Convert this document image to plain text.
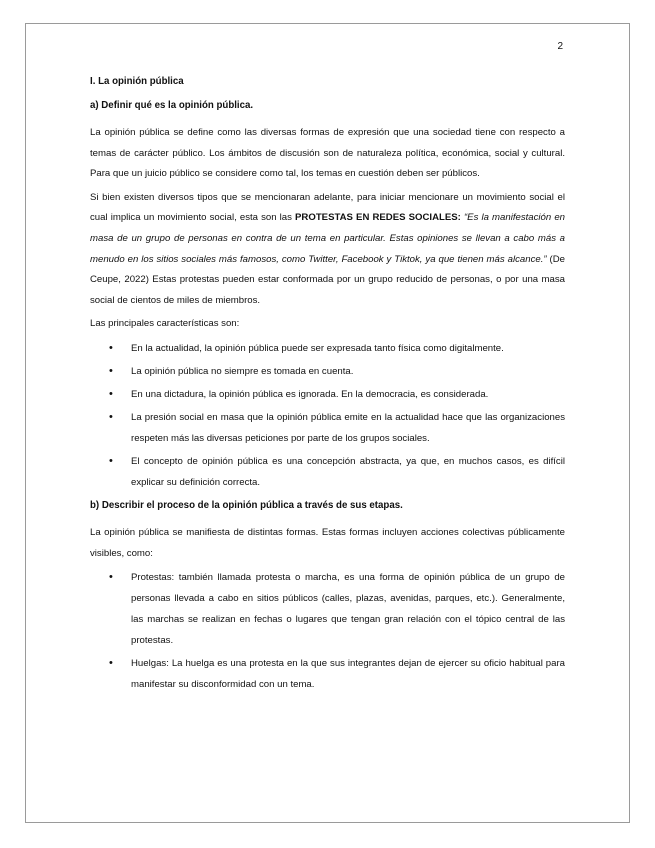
2
I. La opinión pública
a) Definir qué es la opinión pública.
La opinión pública se define como las diversas formas de expresión que una sociedad tiene con respecto a temas de carácter público. Los ámbitos de discusión son de naturaleza política, económica, social y cultural. Para que un juicio público se considere como tal, los temas en cuestión deben ser públicos.
Si bien existen diversos tipos que se mencionaran adelante, para iniciar mencionare un movimiento social el cual implica un movimiento social, esta son las PROTESTAS EN REDES SOCIALES: “Es la manifestación en masa de un grupo de personas en contra de un tema en particular. Estas opiniones se llevan a cabo más a menudo en los sitios sociales más famosos, como Twitter, Facebook y Tiktok, ya que tienen más alcance.” (De Ceupe, 2022) Estas protestas pueden estar conformada por un grupo reducido de personas, o por una masa social de cientos de miles de miembros.
Las principales características son:
• En la actualidad, la opinión pública puede ser expresada tanto física como digitalmente.
• La opinión pública no siempre es tomada en cuenta.
• En una dictadura, la opinión pública es ignorada. En la democracia, es considerada.
• La presión social en masa que la opinión pública emite en la actualidad hace que las organizaciones respeten más las diversas peticiones por parte de los grupos sociales.
• El concepto de opinión pública es una concepción abstracta, ya que, en muchos casos, es difícil explicar su definición correcta.
b) Describir el proceso de la opinión pública a través de sus etapas.
La opinión pública se manifiesta de distintas formas. Estas formas incluyen acciones colectivas públicamente visibles, como:
• Protestas: también llamada protesta o marcha, es una forma de opinión pública de un grupo de personas llevada a cabo en sitios públicos (calles, plazas, avenidas, parques, etc.). Generalmente, las marchas se realizan en fechas o lugares que tengan gran relación con el tópico central de las protestas.
• Huelgas: La huelga es una protesta en la que sus integrantes dejan de ejercer su oficio habitual para manifestar su disconformidad con un tema.
